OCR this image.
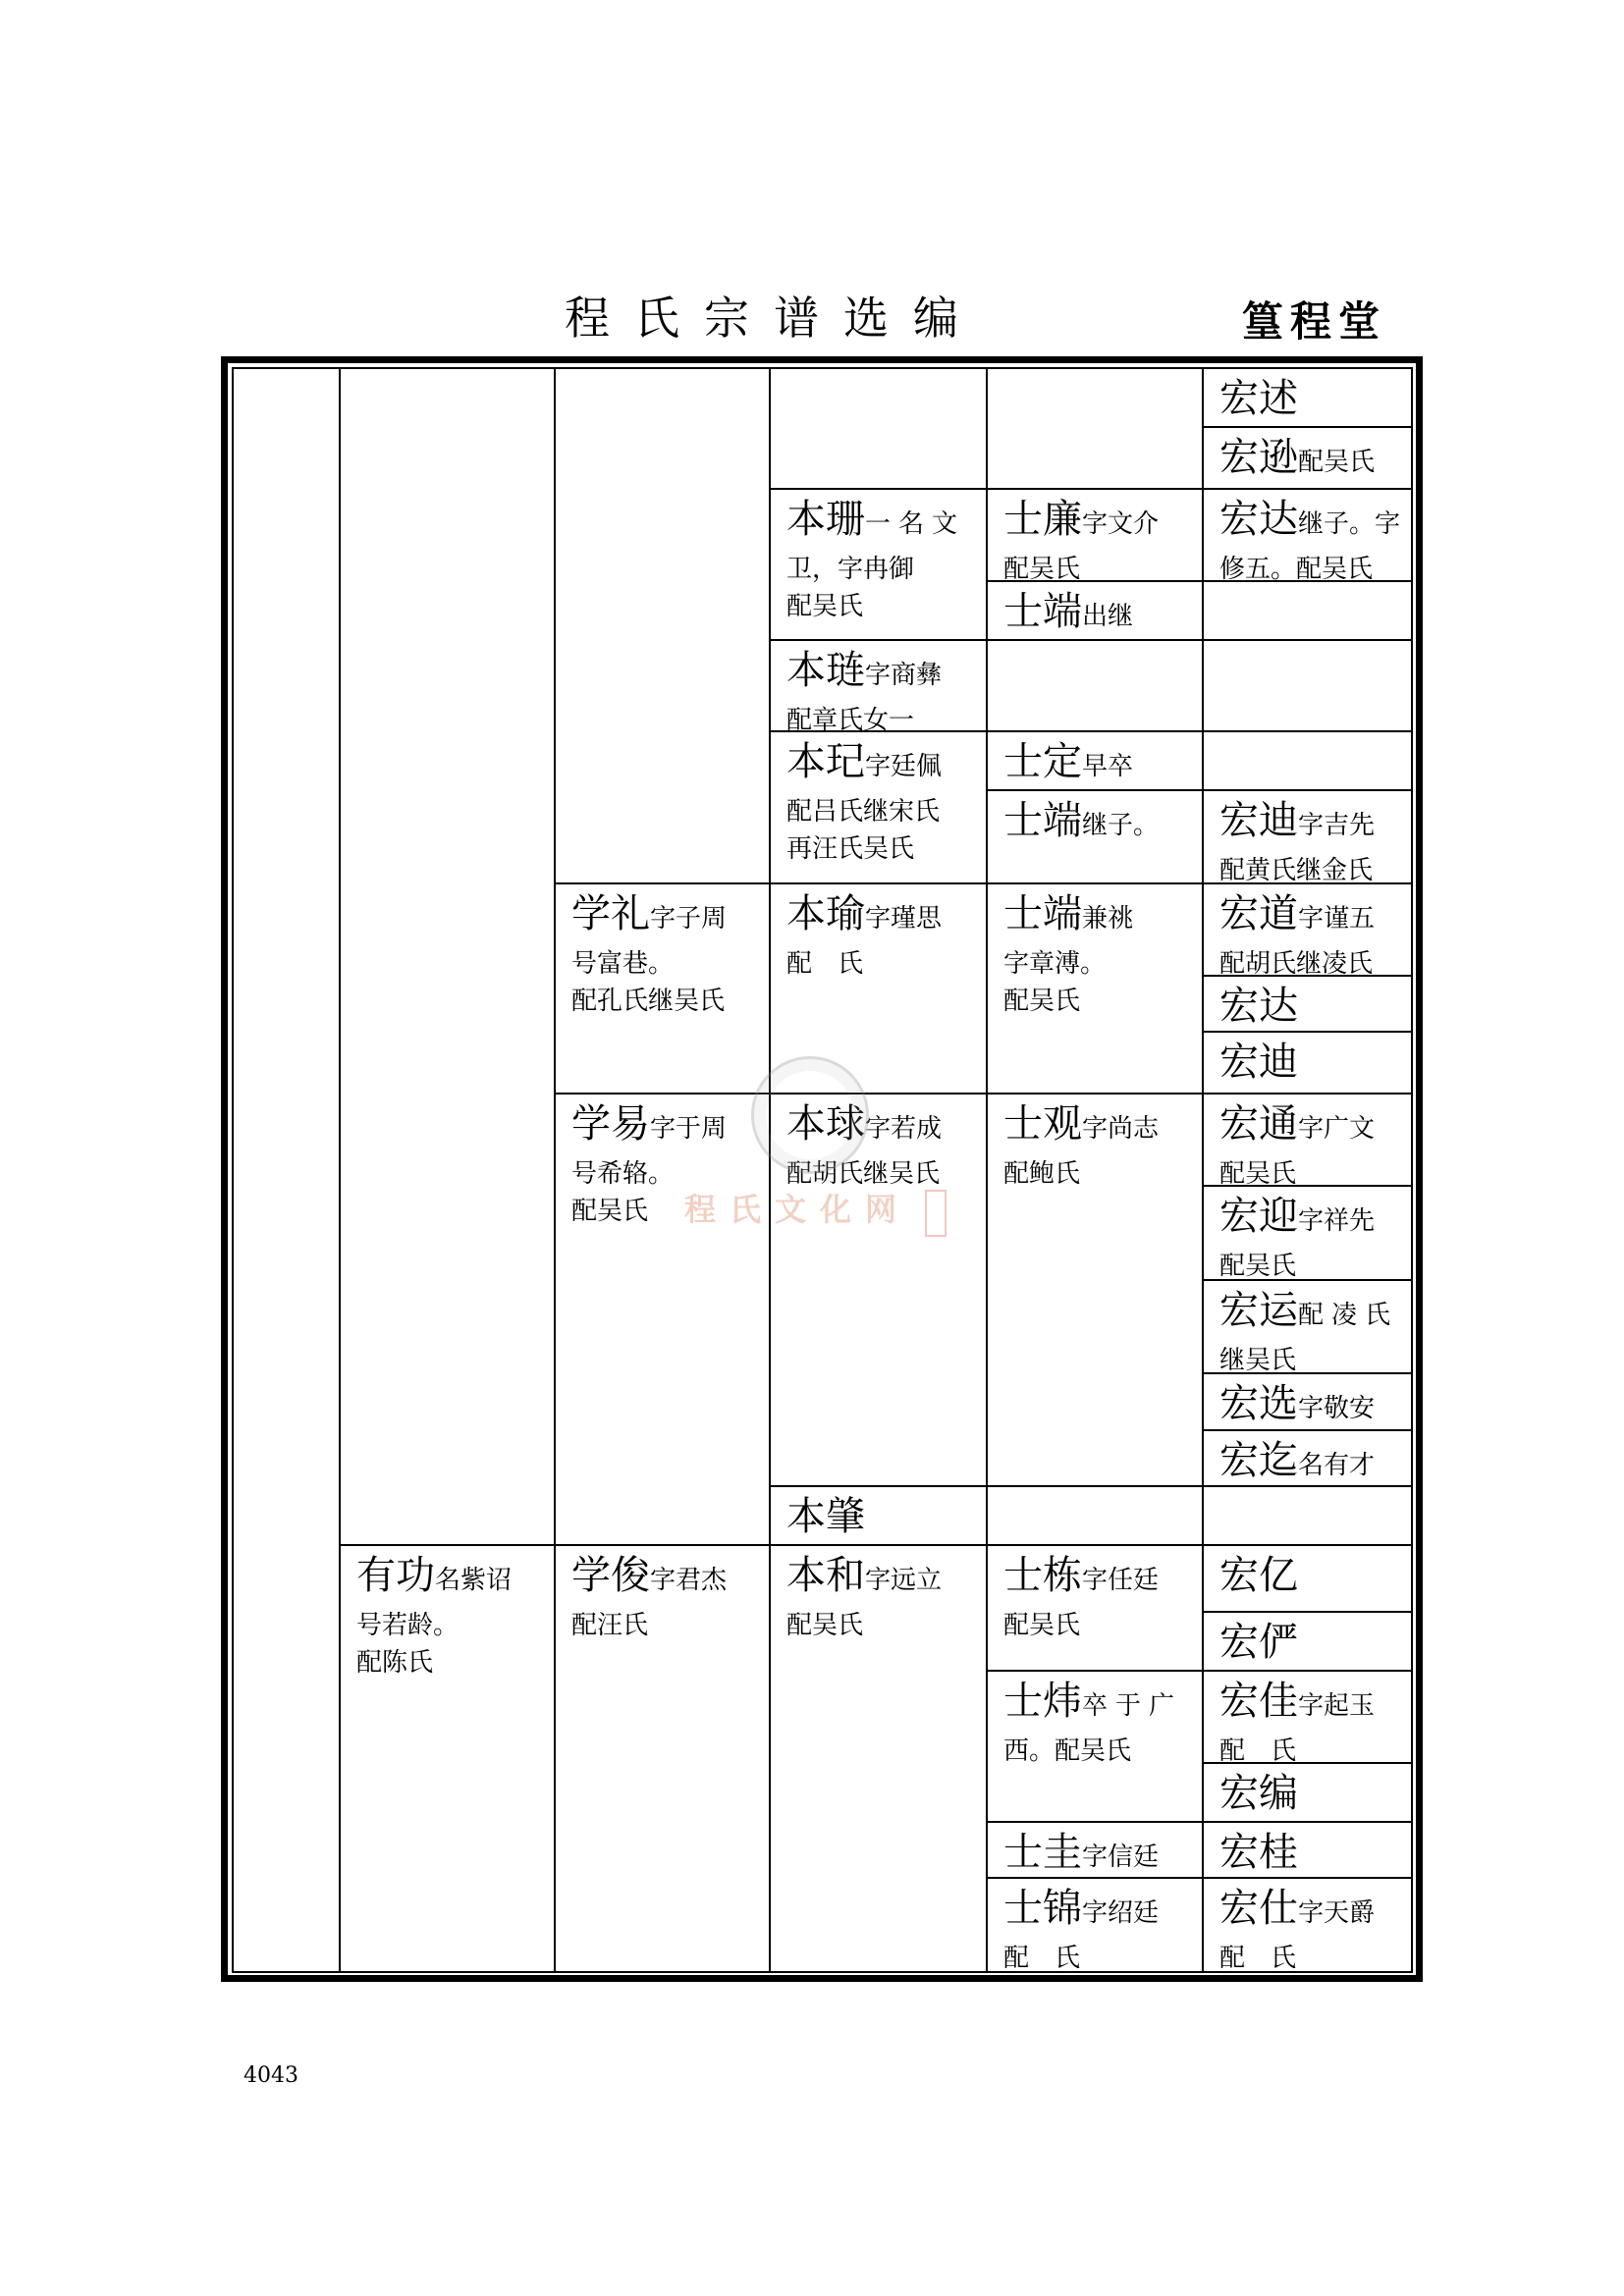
程氏宗谱选编	篁程堂
有功名紫诏
号若龄。
配陈氏
学礼字子周
号富巷。
配孔氏继吴氏
学易字于周
号希辂。
配吴氏
学俊字君杰
配汪氏
本珊一名文
卫，字冉御
配吴氏
本琏字商彝
配章氏女一
本玘字廷佩
配吕氏继宋氏
再汪氏吴氏
本瑜字瑾思
配　氏
本球字若成
配胡氏继吴氏
本肇
本和字远立
配吴氏
士廉字文介
配吴氏
士端出继
士定早卒
士端继子。
士端兼祧
字章溥。
配吴氏
士观字尚志
配鲍氏
士栋字任廷
配吴氏
士炜卒于广
西。配吴氏
士圭字信廷
士锦字绍廷
配　氏
宏述
宏逊配吴氏
宏达继子。字
修五。配吴氏
宏迪字吉先
配黄氏继金氏
宏道字谨五
配胡氏继凌氏
宏达
宏迪
宏通字广文
配吴氏
宏迎字祥先
配吴氏
宏运配凌氏
继吴氏
宏选字敬安
宏迄名有才
宏亿
宏俨
宏佳字起玉
配　氏
宏编
宏桂
宏仕字天爵
配　氏
程氏文化网
4043
